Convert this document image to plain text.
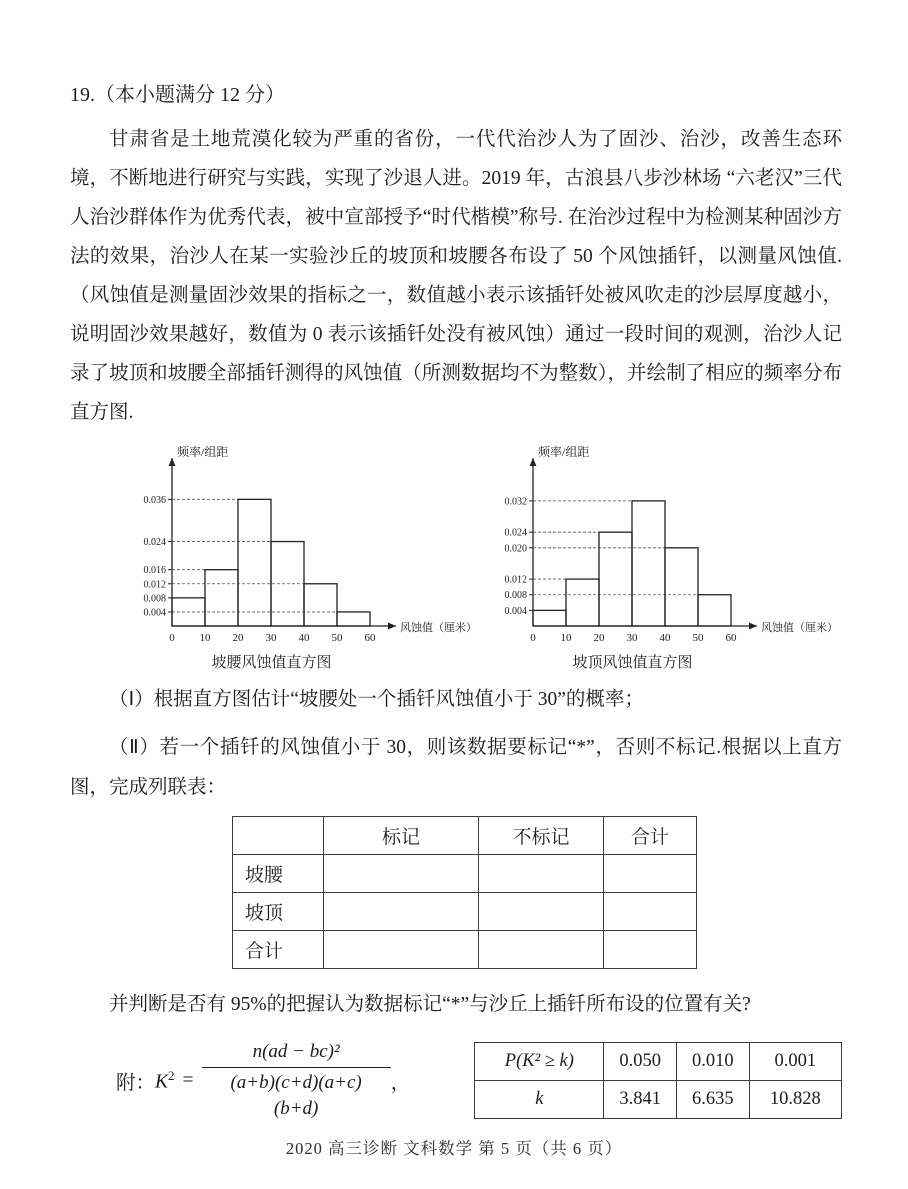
19.（本小题满分 12 分）

甘肃省是土地荒漠化较为严重的省份，一代代治沙人为了固沙、治沙，改善生态环境，不断地进行研究与实践，实现了沙退人进。2019 年，古浪县八步沙林场 “六老汉”三代人治沙群体作为优秀代表，被中宣部授予“时代楷模”称号. 在治沙过程中为检测某种固沙方法的效果，治沙人在某一实验沙丘的坡顶和坡腰各布设了 50 个风蚀插钎，以测量风蚀值.（风蚀值是测量固沙效果的指标之一，数值越小表示该插钎处被风吹走的沙层厚度越小，说明固沙效果越好，数值为 0 表示该插钎处没有被风蚀）通过一段时间的观测，治沙人记录了坡顶和坡腰全部插钎测得的风蚀值（所测数据均不为整数），并绘制了相应的频率分布直方图.

0.004
0.008
0.012
0.016
0.024
0.036
0 10 20 30 40 50 60
频率/组距
风蚀值（厘米）
坡腰风蚀值直方图
0.004
0.008
0.012
0.020
0.024
0.032
0 10 20 30 40 50 60
频率/组距
风蚀值（厘米）
坡顶风蚀值直方图

（Ⅰ）根据直方图估计“坡腰处一个插钎风蚀值小于 30”的概率；

（Ⅱ）若一个插钎的风蚀值小于 30，则该数据要标记“*”，否则不标记.根据以上直方图，完成列联表：

	标记	不标记	合计
坡腰			
坡顶			
合计			

并判断是否有 95%的把握认为数据标记“*”与沙丘上插钎所布设的位置有关?

附： $K^2 = \frac{\text{n(ad − bc)²}}{(a+b)(c+d)(a+c)(b+d)}$ ，
P(K² ≥ k)	0.050	0.010	0.001
k	3.841	6.635	10.828
2020 高三诊断 文科数学 第 5 页（共 6 页）
